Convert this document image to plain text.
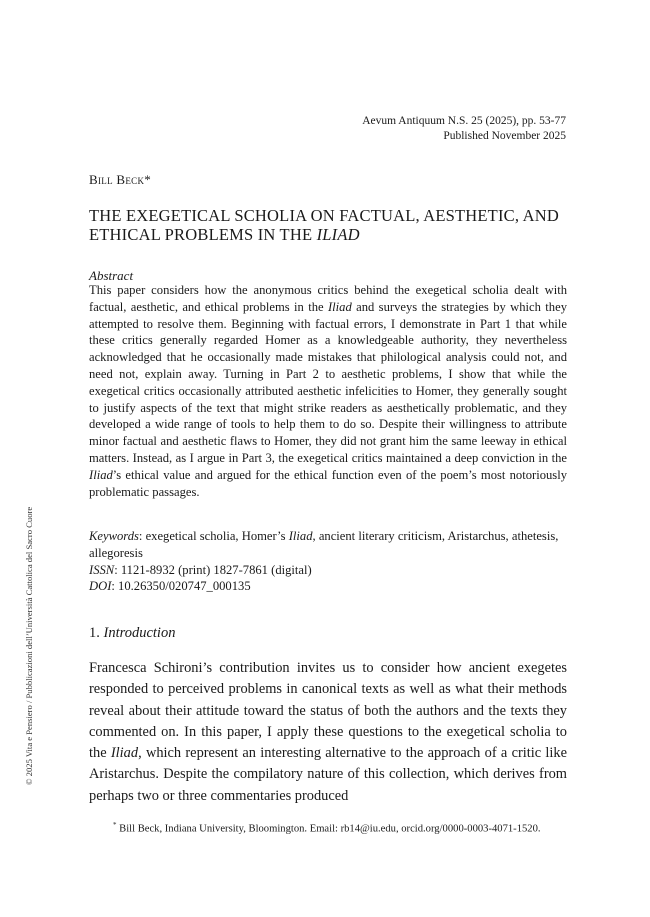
Aevum Antiquum N.S. 25 (2025), pp. 53-77
Published November 2025
Bill Beck*
THE EXEGETICAL SCHOLIA ON FACTUAL, AESTHETIC, AND
ETHICAL PROBLEMS IN THE ILIAD
Abstract
This paper considers how the anonymous critics behind the exegetical scholia dealt with factual, aesthetic, and ethical problems in the Iliad and surveys the strategies by which they attempted to resolve them. Beginning with factual errors, I demonstrate in Part 1 that while these critics generally regarded Homer as a knowledgeable authority, they nevertheless acknowledged that he occasionally made mistakes that philological analysis could not, and need not, explain away. Turning in Part 2 to aesthetic problems, I show that while the exegetical critics occasionally attributed aesthetic infelicities to Homer, they generally sought to justify aspects of the text that might strike readers as aesthetically problematic, and they developed a wide range of tools to help them to do so. Despite their willingness to attribute minor factual and aesthetic flaws to Homer, they did not grant him the same leeway in ethical matters. Instead, as I argue in Part 3, the exegetical critics maintained a deep conviction in the Iliad’s ethical value and argued for the ethical function even of the poem’s most notoriously problematic passages.
Keywords: exegetical scholia, Homer’s Iliad, ancient literary criticism, Aristarchus, athetesis, allegoresis
ISSN: 1121-8932 (print) 1827-7861 (digital)
DOI: 10.26350/020747_000135
1. Introduction
Francesca Schironi’s contribution invites us to consider how ancient exegetes responded to perceived problems in canonical texts as well as what their methods reveal about their attitude toward the status of both the authors and the texts they commented on. In this paper, I apply these questions to the exegetical scholia to the Iliad, which represent an interesting alternative to the approach of a critic like Aristarchus. Despite the compilatory nature of this collection, which derives from perhaps two or three commentaries produced
* Bill Beck, Indiana University, Bloomington. Email: rb14@iu.edu, orcid.org/0000-0003-4071-1520.
© 2025 Vita e Pensiero / Pubblicazioni dell’Università Cattolica del Sacro Cuore
